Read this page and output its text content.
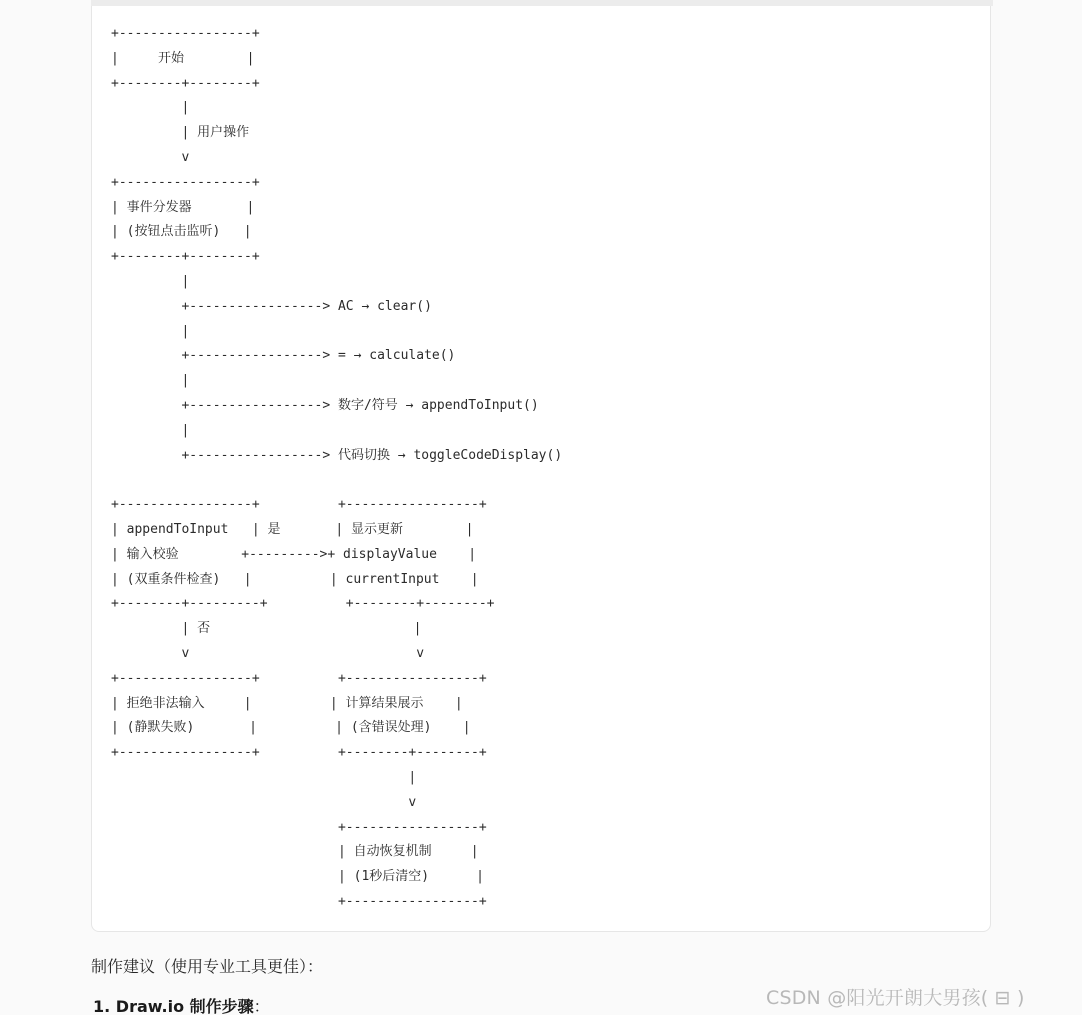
+-----------------+
|     开始        |
+--------+--------+
|
| 用户操作
v
+-----------------+
| 事件分发器       |
| (按钮点击监听)   |
+--------+--------+
|
+-----------------> AC → clear()
|
+-----------------> = → calculate()
|
+-----------------> 数字/符号 → appendToInput()
|
+-----------------> 代码切换 → toggleCodeDisplay()
+-----------------+          +-----------------+
| appendToInput   | 是       | 显示更新        |
| 输入校验        +--------->+ displayValue    |
| (双重条件检查)   |          | currentInput    |
+--------+---------+          +--------+--------+
| 否                          |
v                             v
+-----------------+          +-----------------+
| 拒绝非法输入     |          | 计算结果展示    |
| (静默失败)       |          | (含错误处理)    |
+-----------------+          +--------+--------+
|
v
+-----------------+
| 自动恢复机制     |
| (1秒后清空)      |
+-----------------+
制作建议（使用专业工具更佳）：
1. Draw.io 制作步骤：	CSDN @阳光开朗大男孩( ⊟ )
